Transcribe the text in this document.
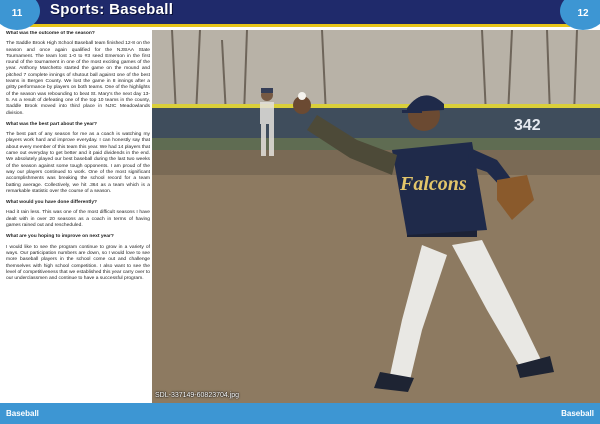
11	Sports: Baseball	12

What was the outcome of the season?

The Saddle Brook High School Baseball team finished 12-8 on the season and once again qualified for the NJSIAA State Tournament. The team lost 1-0 to #3 seed Emerson in the first round of the tournament in one of the most exciting games of the year. Anthony Marchetto started the game on the mound and pitched 7 complete innings of shutout ball against one of the best teams in Bergen County. We lost the game in 8 innings after a gritty performance by players on both teams. One of the highlights of the season was rebounding to beat St. Mary's the next day 13-5. As a result of defeating one of the top 10 teams in the county, Saddle Brook moved into third place in NJIC Meadowlands division.

What was the best part about the year?

The best part of any season for me as a coach is watching my players work hard and improve everyday. I can honestly say that about every member of this team this year. We had 14 players that came out everyday to get better and it paid dividends in the end. We absolutely played our best baseball during the last two weeks of the season against some tough opponents. I am proud of the way our players continued to work. One of the most significant accomplishments was breaking the school record for a team batting average. Collectively, we hit .364 as a team which is a remarkable statistic over the course of a season.

What would you have done differently?

Had it rain less. This was one of the most difficult seasons I have dealt with in over 20 seasons as a coach in terms of having games rained out and rescheduled.

What are you hoping to improve on next year?

I would like to see the program continue to grow in a variety of ways. Our participation numbers are down, so I would love to see more baseball players in the school come out and challenge themselves with high school competition. I also want to see the level of competitiveness that we established this year carry over to our underclassmen and continue to have a successful program.

342
Falcons
SDL-337149-60823704.jpg
Baseball	Baseball
